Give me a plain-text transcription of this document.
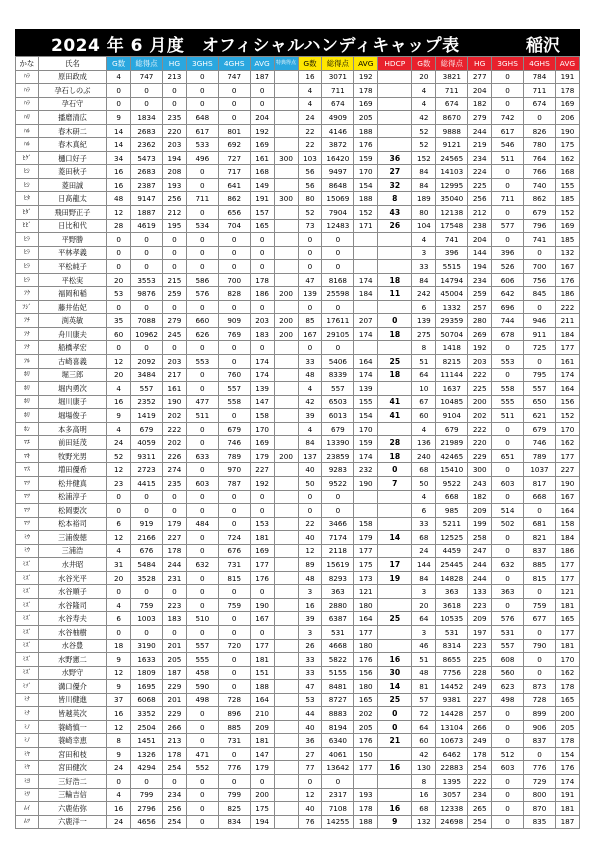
2024 年 6 月度　オフィシャルハンディキャップ表	稲沢
かな	氏名	G数	総得点	HG	3GHS	4GHS	AVG	特典得点	G数	総得点	AVG	HDCP	G数	総得点	HG	3GHS	4GHS	AVG
ﾊﾗ	原田政成	4	747	213	0	747	187		16	3071	192		20	3821	277	0	784	191
ﾊﾗ	孕石しのぶ	0	0	0	0	0	0		4	711	178		4	711	204	0	711	178
ﾊﾗ	孕石守	0	0	0	0	0	0		4	674	169		4	674	182	0	674	169
ﾊﾘ	播磨清広	9	1834	235	648	0	204		24	4909	205		42	8670	279	742	0	206
ﾊﾙ	春木研二	14	2683	220	617	801	192		22	4146	188		52	9888	244	617	826	190
ﾊﾙ	春木真紀	14	2362	203	533	692	169		22	3872	176		52	9121	219	546	780	175
ﾋｸﾞ	樋口好子	34	5473	194	496	727	161	300	103	16420	159	36	152	24565	234	511	764	162
ﾋｼ	菱田秋子	16	2683	208	0	717	168		56	9497	170	27	84	14103	224	0	766	168
ﾋｼ	菱田誠	16	2387	193	0	641	149		56	8648	154	32	84	12995	225	0	740	155
ﾋﾀ	日髙龍太	48	9147	256	711	862	191	300	80	15069	188	8	189	35040	256	711	862	185
ﾋﾀﾞ	飛田野正子	12	1887	212	0	656	157		52	7904	152	43	80	12138	212	0	679	152
ﾋﾋﾞ	日比和代	28	4619	195	534	704	165		73	12483	171	26	104	17548	238	577	796	169
ﾋﾗ	平野勝	0	0	0	0	0	0		0	0			4	741	204	0	741	185
ﾋﾗ	平林孝義	0	0	0	0	0	0		0	0			3	396	144	396	0	132
ﾋﾗ	平松純子	0	0	0	0	0	0		0	0			33	5515	194	526	700	167
ﾋﾗ	平松実	20	3553	215	586	700	178		47	8168	174	18	84	14794	234	606	756	176
ﾌｸ	福岡和稲	53	9876	259	576	828	186	200	139	25598	184	11	242	45004	259	642	845	186
ﾌｼﾞ	藤井佑妃	0	0	0	0	0	0		0	0			6	1332	257	696	0	222
ﾌﾁ	渕英敏	35	7088	279	660	909	203	200	85	17611	207	0	139	29359	280	744	946	211
ﾌﾅ	舟川康夫	60	10962	245	626	769	183	200	167	29105	174	18	275	50704	269	678	911	184
ﾌﾅ	船橋孝宏	0	0	0	0	0	0		0	0			8	1418	192	0	725	177
ﾌﾙ	古崎喜義	12	2092	203	553	0	174		33	5406	164	25	51	8215	203	553	0	161
ﾎﾘ	堀三郎	20	3484	217	0	760	174		48	8339	174	18	64	11144	222	0	795	174
ﾎﾘ	堀内勇次	4	557	161	0	557	139		4	557	139		10	1637	225	558	557	164
ﾎﾘ	堀川康子	16	2352	190	477	558	147		42	6503	155	41	67	10485	200	555	650	156
ﾎﾘ	堀場俊子	9	1419	202	511	0	158		39	6013	154	41	60	9104	202	511	621	152
ﾎﾝ	本多高明	4	679	222	0	679	170		4	679	170		4	679	222	0	679	170
ﾏｴ	前田延茂	24	4059	202	0	746	169		84	13390	159	28	136	21989	220	0	746	162
ﾏｷ	牧野光男	52	9311	226	633	789	179	200	137	23859	174	18	240	42465	229	651	789	177
ﾏｽ	増田優希	12	2723	274	0	970	227		40	9283	232	0	68	15410	300	0	1037	227
ﾏﾂ	松井健真	23	4415	235	603	787	192		50	9522	190	7	50	9522	243	603	817	190
ﾏﾂ	松浦淳子	0	0	0	0	0	0		0	0			4	668	182	0	668	167
ﾏﾂ	松岡要次	0	0	0	0	0	0		0	0			6	985	209	514	0	164
ﾏﾂ	松本裕司	6	919	179	484	0	153		22	3466	158		33	5211	199	502	681	158
ﾐｳ	三浦俊徳	12	2166	227	0	724	181		40	7174	179	14	68	12525	258	0	821	184
ﾐｳ	三浦浩	4	676	178	0	676	169		12	2118	177		24	4459	247	0	837	186
ﾐｽﾞ	水井昭	31	5484	244	632	731	177		89	15619	175	17	144	25445	244	632	885	177
ﾐｽﾞ	水谷光平	20	3528	231	0	815	176		48	8293	173	19	84	14828	244	0	815	177
ﾐｽﾞ	水谷順子	0	0	0	0	0	0		3	363	121		3	363	133	363	0	121
ﾐｽﾞ	水谷隆司	4	759	223	0	759	190		16	2880	180		20	3618	223	0	759	181
ﾐｽﾞ	水谷寿夫	6	1003	183	510	0	167		39	6387	164	25	64	10535	209	576	677	165
ﾐｽﾞ	水谷柚樹	0	0	0	0	0	0		3	531	177		3	531	197	531	0	177
ﾐｽﾞ	水谷豊	18	3190	201	557	720	177		26	4668	180		46	8314	223	557	790	181
ﾐｽﾞ	水野憲二	9	1633	205	555	0	181		33	5822	176	16	51	8655	225	608	0	170
ﾐｽﾞ	水野守	12	1809	187	458	0	151		33	5155	156	30	48	7756	228	560	0	162
ﾐｿﾞ	溝口優介	9	1695	229	590	0	188		47	8481	180	14	81	14452	249	623	873	178
ﾐﾅ	皆川健進	37	6068	201	498	728	164		53	8727	165	25	57	9381	227	498	728	165
ﾐﾅ	皆越英次	16	3352	229	0	896	210		44	8883	202	0	72	14428	257	0	899	200
ﾐﾉ	蓑崎慎一	12	2504	266	0	885	209		40	8194	205	0	64	13104	266	0	906	205
ﾐﾉ	蓑崎幸恵	8	1451	213	0	731	181		36	6340	176	21	60	10673	249	0	837	178
ﾐﾔ	宮田和枝	9	1326	178	471	0	147		27	4061	150		42	6462	178	512	0	154
ﾐﾔ	宮田健次	24	4294	254	552	776	179		77	13642	177	16	130	22883	254	603	776	176
ﾐﾖ	三好浩二	0	0	0	0	0	0		0	0			8	1395	222	0	729	174
ﾐﾜ	三輪吉信	4	799	234	0	799	200		12	2317	193		16	3057	234	0	800	191
ﾑｲ	六鹿佑弥	16	2796	256	0	825	175		40	7108	178	16	68	12338	265	0	870	181
ﾑﾂ	六鹿洋一	24	4656	254	0	834	194		76	14255	188	9	132	24698	254	0	835	187
